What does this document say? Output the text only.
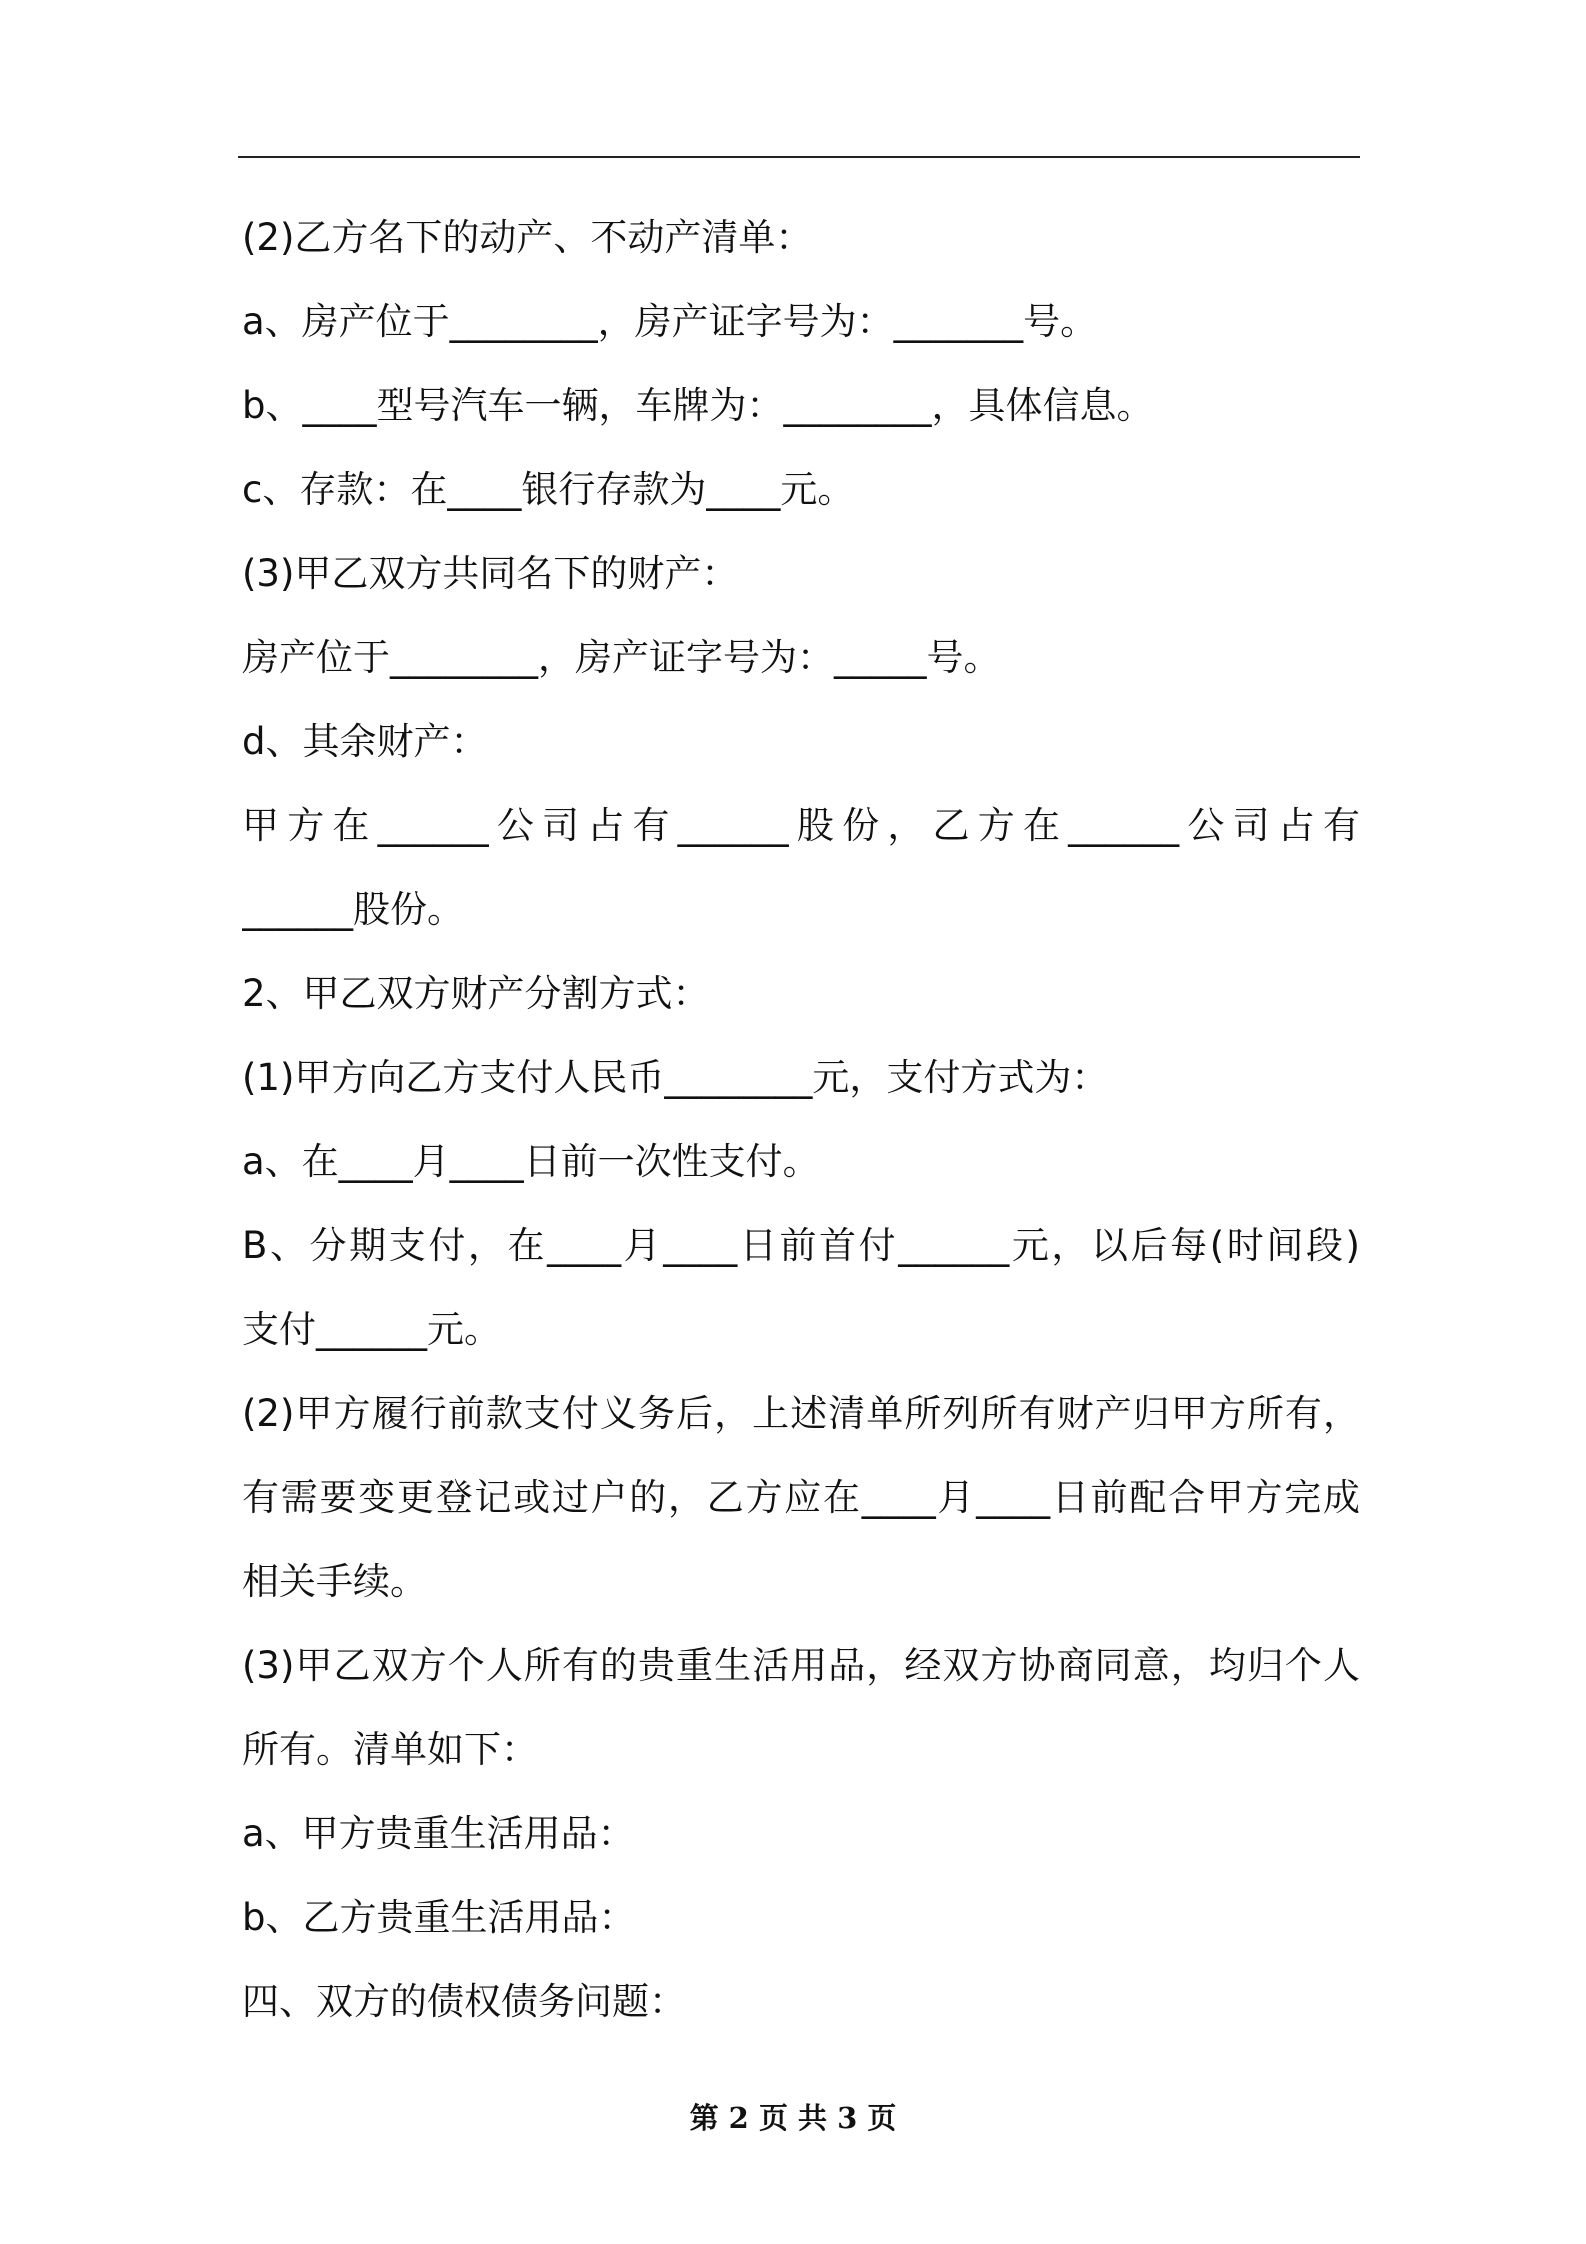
(2)乙方名下的动产、不动产清单：
a、房产位于________，房产证字号为：_______号。
b、____型号汽车一辆，车牌为：________，具体信息。
c、存款：在____银行存款为____元。
(3)甲乙双方共同名下的财产：
房产位于________，房产证字号为：_____号。
d、其余财产：
甲方在______公司占有______股份，乙方在______公司占有
______股份。
2、甲乙双方财产分割方式：
(1)甲方向乙方支付人民币________元，支付方式为：
a、在____月____日前一次性支付。
B、分期支付，在____月____日前首付______元，以后每(时间段)
支付______元。
(2)甲方履行前款支付义务后，上述清单所列所有财产归甲方所有，
有需要变更登记或过户的，乙方应在____月____日前配合甲方完成
相关手续。
(3)甲乙双方个人所有的贵重生活用品，经双方协商同意，均归个人
所有。清单如下：
a、甲方贵重生活用品：
b、乙方贵重生活用品：
四、双方的债权债务问题：
第 2 页 共 3 页
